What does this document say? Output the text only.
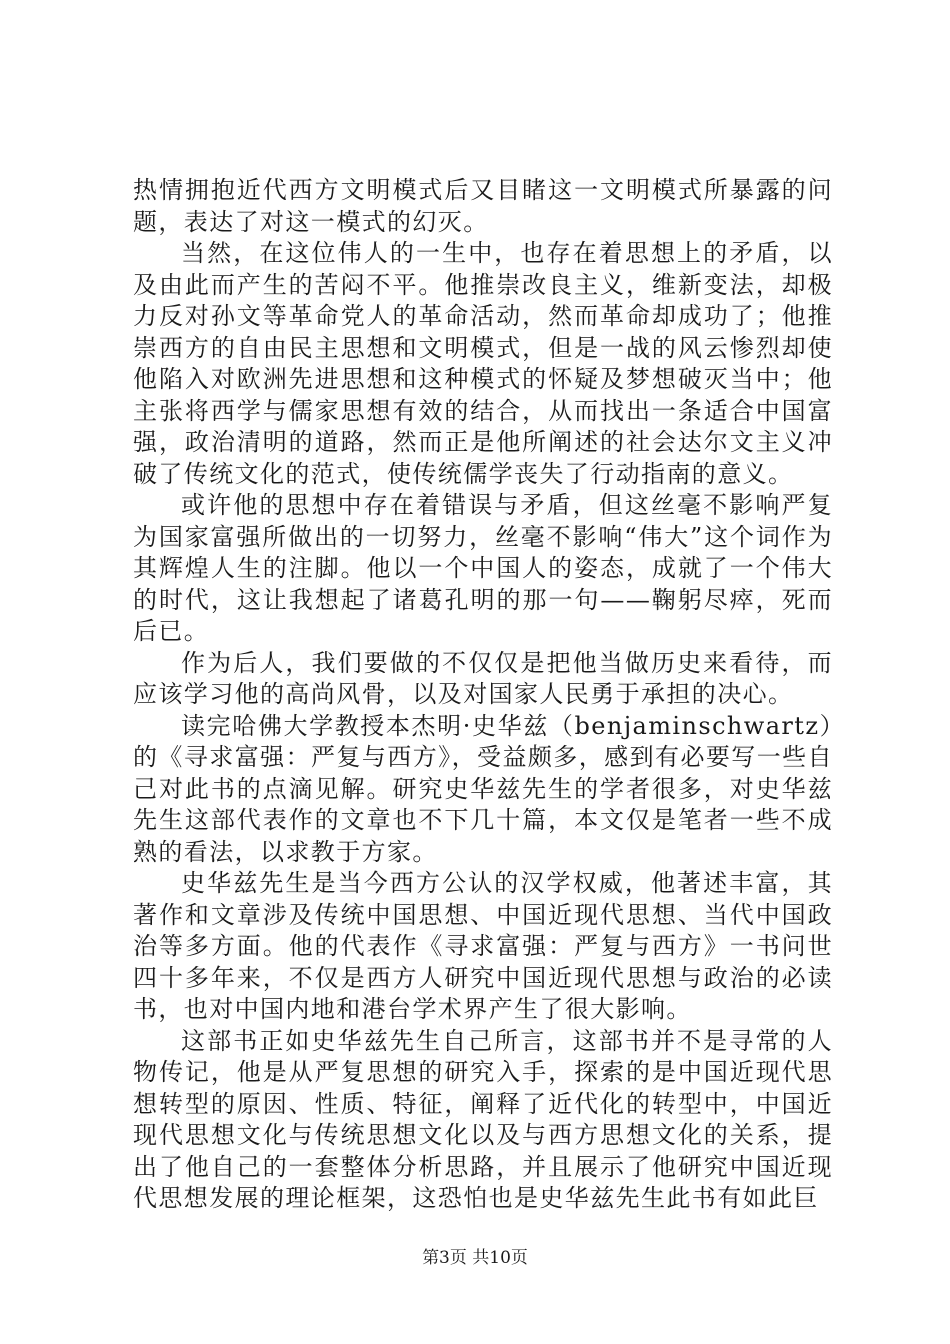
热情拥抱近代西方文明模式后又目睹这一文明模式所暴露的问题，表达了对这一模式的幻灭。

当然，在这位伟人的一生中，也存在着思想上的矛盾，以及由此而产生的苦闷不平。他推崇改良主义，维新变法，却极力反对孙文等革命党人的革命活动，然而革命却成功了；他推崇西方的自由民主思想和文明模式，但是一战的风云惨烈却使他陷入对欧洲先进思想和这种模式的怀疑及梦想破灭当中；他主张将西学与儒家思想有效的结合，从而找出一条适合中国富强，政治清明的道路，然而正是他所阐述的社会达尔文主义冲破了传统文化的范式，使传统儒学丧失了行动指南的意义。

或许他的思想中存在着错误与矛盾，但这丝毫不影响严复为国家富强所做出的一切努力，丝毫不影响“伟大”这个词作为其辉煌人生的注脚。他以一个中国人的姿态，成就了一个伟大的时代，这让我想起了诸葛孔明的那一句——鞠躬尽瘁，死而后已。

作为后人，我们要做的不仅仅是把他当做历史来看待，而应该学习他的高尚风骨，以及对国家人民勇于承担的决心。

读完哈佛大学教授本杰明·史华兹（benjaminschwartz）的《寻求富强：严复与西方》，受益颇多，感到有必要写一些自己对此书的点滴见解。研究史华兹先生的学者很多，对史华兹先生这部代表作的文章也不下几十篇，本文仅是笔者一些不成熟的看法，以求教于方家。

史华兹先生是当今西方公认的汉学权威，他著述丰富，其著作和文章涉及传统中国思想、中国近现代思想、当代中国政治等多方面。他的代表作《寻求富强：严复与西方》一书问世四十多年来，不仅是西方人研究中国近现代思想与政治的必读书，也对中国内地和港台学术界产生了很大影响。

这部书正如史华兹先生自己所言，这部书并不是寻常的人物传记，他是从严复思想的研究入手，探索的是中国近现代思想转型的原因、性质、特征，阐释了近代化的转型中，中国近现代思想文化与传统思想文化以及与西方思想文化的关系，提出了他自己的一套整体分析思路，并且展示了他研究中国近现代思想发展的理论框架，这恐怕也是史华兹先生此书有如此巨

第3页 共10页
